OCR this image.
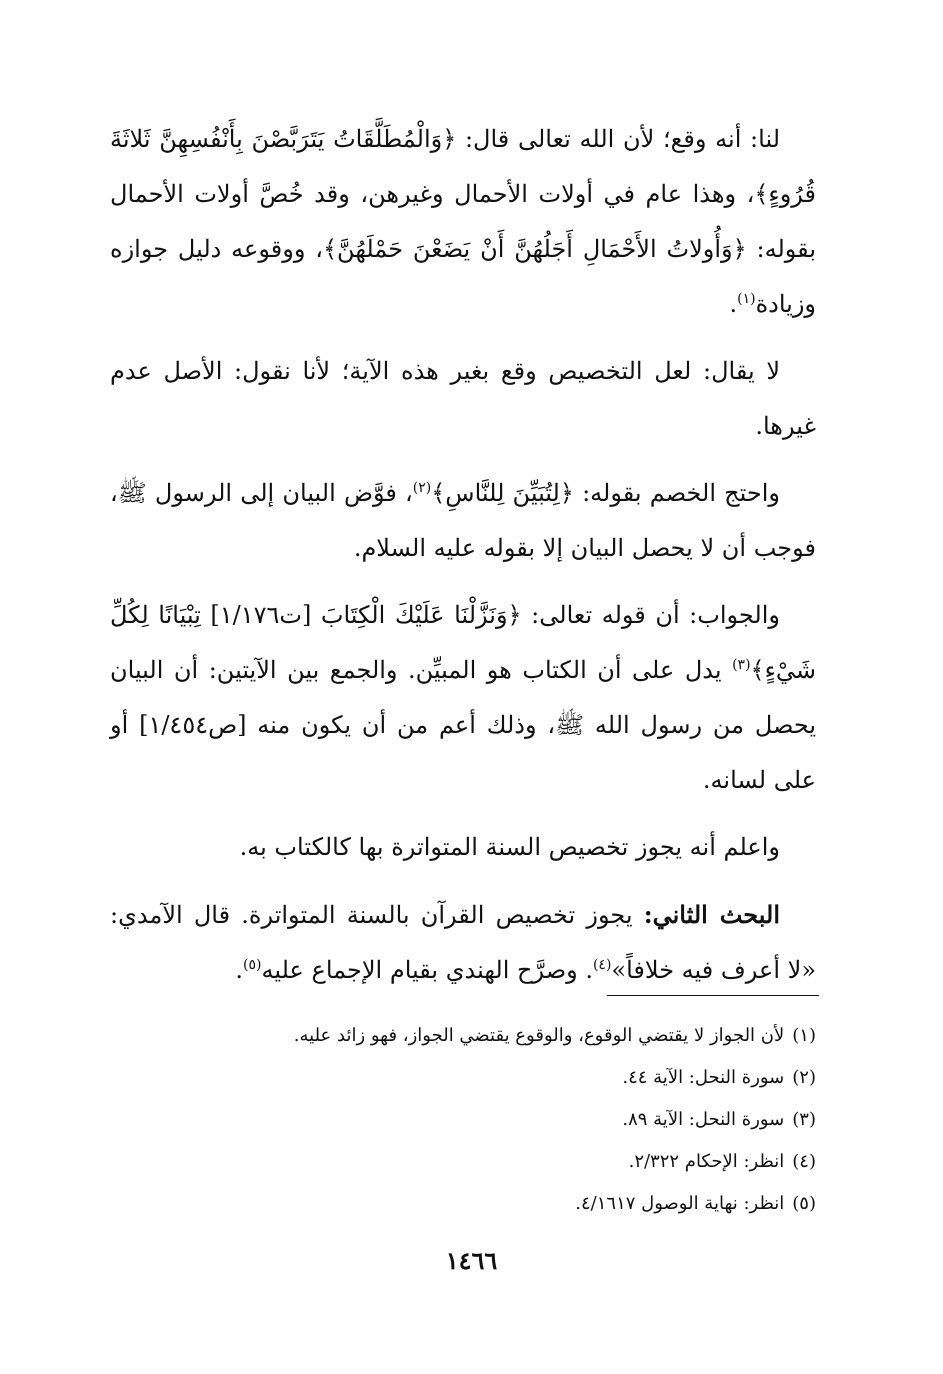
لنا: أنه وقع؛ لأن الله تعالى قال: ﴿وَالْمُطَلَّقَاتُ يَتَرَبَّصْنَ بِأَنْفُسِهِنَّ ثَلاثَةَ قُرُوءٍ﴾، وهذا عام في أولات الأحمال وغيرهن، وقد خُصَّ أولات الأحمال بقوله: ﴿وَأُولاتُ الأَحْمَالِ أَجَلُهُنَّ أَنْ يَضَعْنَ حَمْلَهُنَّ﴾، ووقوعه دليل جوازه وزيادة$^{(١)}$.

لا يقال: لعل التخصيص وقع بغير هذه الآية؛ لأنا نقول: الأصل عدم غيرها.

واحتج الخصم بقوله: ﴿لِتُبَيِّنَ لِلنَّاسِ﴾$^{(٢)}$، فوَّض البيان إلى الرسول ﷺ، فوجب أن لا يحصل البيان إلا بقوله عليه السلام.

والجواب: أن قوله تعالى: ﴿وَنَزَّلْنَا عَلَيْكَ الْكِتَابَ [ت١/١٧٦] تِبْيَانًا لِكُلِّ شَيْءٍ﴾$^{(٣)}$ يدل على أن الكتاب هو المبيِّن. والجمع بين الآيتين: أن البيان يحصل من رسول الله ﷺ، وذلك أعم من أن يكون منه [ص١/٤٥٤] أو على لسانه.

واعلم أنه يجوز تخصيص السنة المتواترة بها كالكتاب به.

البحث الثاني: يجوز تخصيص القرآن بالسنة المتواترة. قال الآمدي: «لا أعرف فيه خلافاً»$^{(٤)}$. وصرَّح الهندي بقيام الإجماع عليه$^{(٥)}$.

(١)لأن الجواز لا يقتضي الوقوع، والوقوع يقتضي الجواز، فهو زائد عليه.

(٢)سورة النحل: الآية ٤٤.

(٣)سورة النحل: الآية ٨٩.

(٤)انظر: الإحكام ٢/٣٢٢.

(٥)انظر: نهاية الوصول ٤/١٦١٧.

١٤٦٦
